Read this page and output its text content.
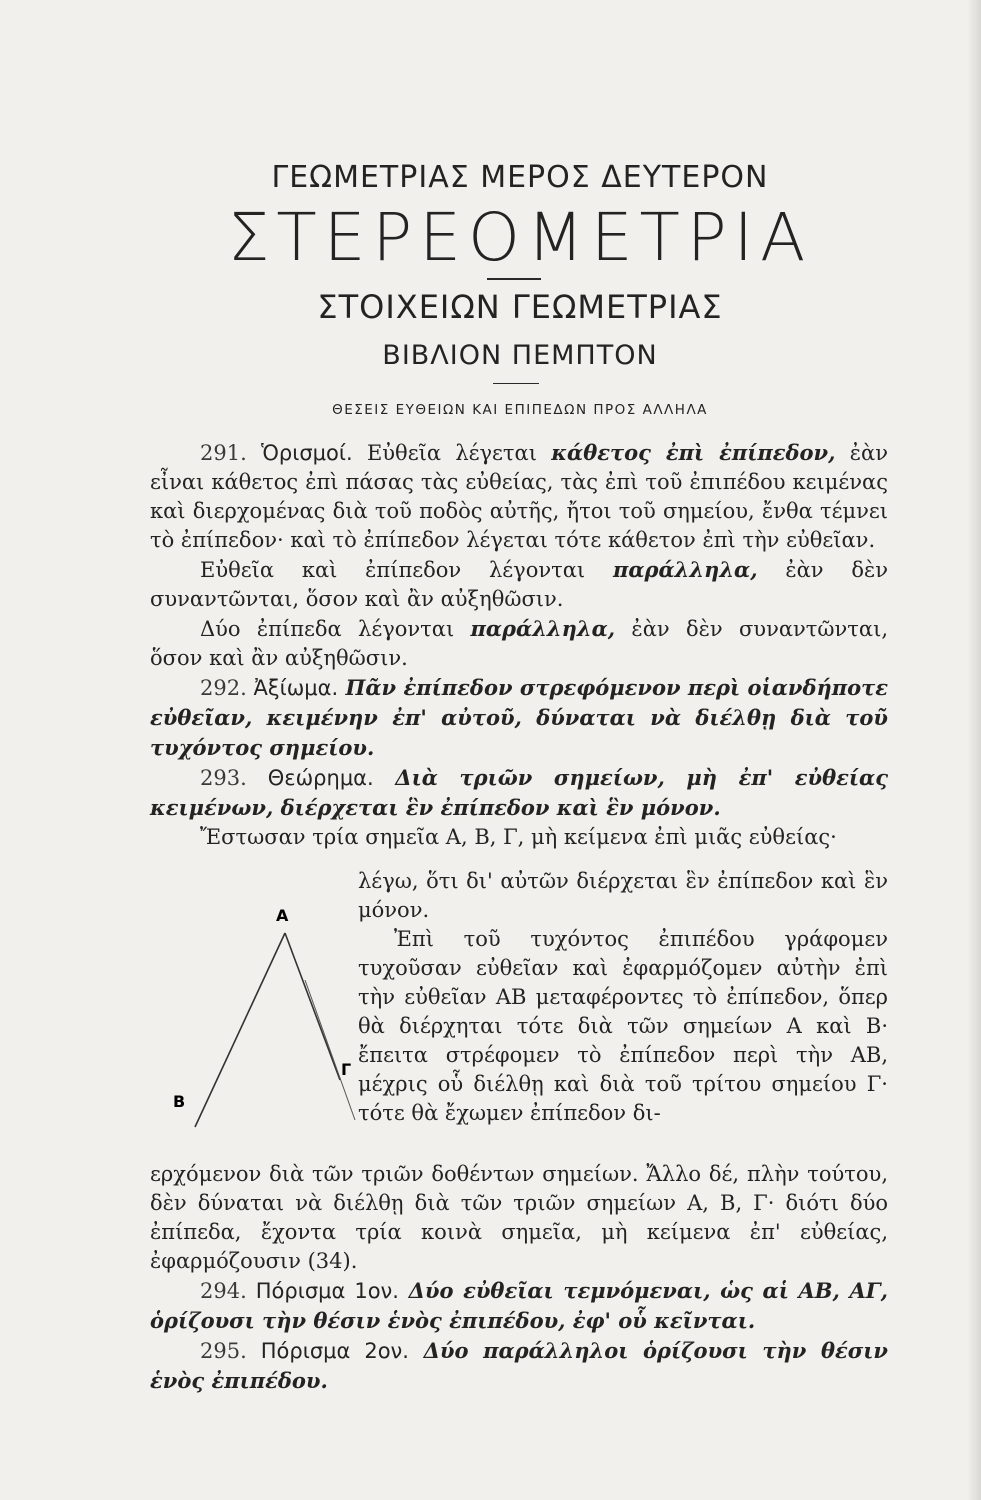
ΓΕΩΜΕΤΡΙΑΣ ΜΕΡΟΣ ΔΕΥΤΕΡΟΝ
ΣΤΕΡΕΟΜΕΤΡΙΑ
ΣΤΟΙΧΕΙΩΝ ΓΕΩΜΕΤΡΙΑΣ
ΒΙΒΛΙΟΝ ΠΕΜΠΤΟΝ
ΘΕΣΕΙΣ ΕΥΘΕΙΩΝ ΚΑΙ ΕΠΙΠΕΔΩΝ ΠΡΟΣ ΑΛΛΗΛΑ

291. Ὁρισμοί. Εὐθεῖα λέγεται κάθετος ἐπὶ ἐπίπεδον, ἐὰν εἶναι κάθετος ἐπὶ πάσας τὰς εὐθείας, τὰς ἐπὶ τοῦ ἐπιπέδου κειμένας καὶ διερχομένας διὰ τοῦ ποδὸς αὐτῆς, ἤτοι τοῦ σημείου, ἔνθα τέμνει τὸ ἐπίπεδον· καὶ τὸ ἐπίπεδον λέγεται τότε κάθετον ἐπὶ τὴν εὐθεῖαν.

Εὐθεῖα καὶ ἐπίπεδον λέγονται παράλληλα, ἐὰν δὲν συναντῶνται, ὅσον καὶ ἂν αὐξηθῶσιν.

Δύο ἐπίπεδα λέγονται παράλληλα, ἐὰν δὲν συναντῶνται, ὅσον καὶ ἂν αὐξηθῶσιν.

292. Ἀξίωμα. Πᾶν ἐπίπεδον στρεφόμενον περὶ οἱανδήποτε εὐθεῖαν, κειμένην ἐπ' αὐτοῦ, δύναται νὰ διέλθῃ διὰ τοῦ τυχόντος σημείου.

293. Θεώρημα. Διὰ τριῶν σημείων, μὴ ἐπ' εὐθείας κειμένων, διέρχεται ἓν ἐπίπεδον καὶ ἓν μόνον.

Ἔστωσαν τρία σημεῖα Α, Β, Γ, μὴ κείμενα ἐπὶ μιᾶς εὐθείας·

A
B
Γ
λέγω, ὅτι δι' αὐτῶν διέρχεται ἓν ἐπίπεδον καὶ ἓν μόνον.
Ἐπὶ τοῦ τυχόντος ἐπιπέδου γράφομεν τυχοῦσαν εὐθεῖαν καὶ ἐφαρμόζομεν αὐτὴν ἐπὶ τὴν εὐθεῖαν ΑΒ μεταφέροντες τὸ ἐπίπεδον, ὅπερ θὰ διέρχηται τότε διὰ τῶν σημείων Α καὶ Β· ἔπειτα στρέφομεν τὸ ἐπίπεδον περὶ τὴν ΑΒ, μέχρις οὗ διέλθῃ καὶ διὰ τοῦ τρίτου σημείου Γ· τότε θὰ ἔχωμεν ἐπίπεδον δι-

ερχόμενον διὰ τῶν τριῶν δοθέντων σημείων. Ἄλλο δέ, πλὴν τούτου, δὲν δύναται νὰ διέλθῃ διὰ τῶν τριῶν σημείων Α, Β, Γ· διότι δύο ἐπίπεδα, ἔχοντα τρία κοινὰ σημεῖα, μὴ κείμενα ἐπ' εὐθείας, ἐφαρμόζουσιν (34).

294. Πόρισμα 1ον. Δύο εὐθεῖαι τεμνόμεναι, ὡς αἱ ΑΒ, ΑΓ, ὁρίζουσι τὴν θέσιν ἑνὸς ἐπιπέδου, ἐφ' οὗ κεῖνται.

295. Πόρισμα 2ον. Δύο παράλληλοι ὁρίζουσι τὴν θέσιν ἑνὸς ἐπιπέδου.
